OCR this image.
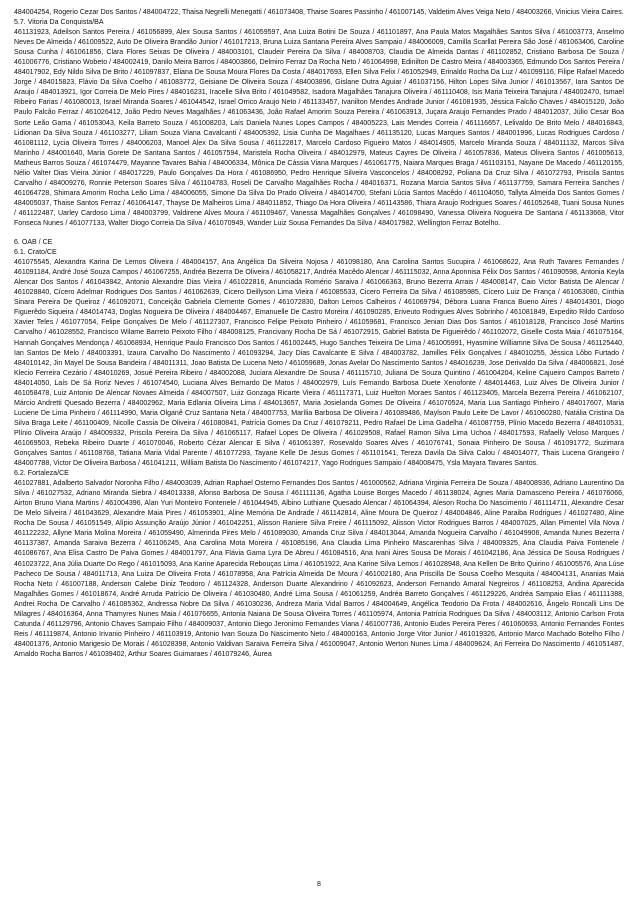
484004254, Rogerio Cezar Dos Santos / 484004722, Thaisa Negrelli Menegatti / 461073408, Thaise Soares Passinho / 461007145, Valdetim Alves Veiga Neto / 484003266, Vinicius Vieira Caires.

5.7. Vitoria Da Conquista/BA

461131923, Adeilson Santos Pereira / 461056899, Alex Sousa Santos / 461059597, Ana Luiza Botini De Souza / 461101897, Ana Paula Matos Magalhães Santos Silva / 461003773, Anselmo Neves De Almeida / 461009522, Auto De Oliveira Brandão Junior / 461017213, Bruna Luiza Santana Pereira Alves Sampaio / 484006009, Camilla Scarllat Pereira São José / 461063406, Caroline Sousa Cunha / 461061856, Clara Flores Seixas De Oliveira / 484003101, Claudeir Pereira Da Silva / 484008703, Claudia De Almeida Dantas / 461102852, Cristiano Barbosa De Souza / 461006776, Cristiano Wobeto / 484002419, Danilo Meira Barros / 484003866, Delmiro Ferraz Da Rocha Neto / 461064998, Edinilton De Castro Meira / 484003365, Edmundo Dos Santos Pereira / 484017902, Edy Nildo Silva De Brito / 461097837, Eliana De Sousa Moura Flores Da Costa / 484017693, Ellen Silva Felix / 461052949, Erinaldo Rocha Da Luz / 461099116, Filipe Rafael Macedo Jorge / 484015823, Flávio Da Silva Coelho / 461083772, Geisiane De Oliveira Souza / 484003896, Gislane Dutra Aguiar / 461037156, Hilton Lopes Silva Junior / 461013567, Iara Santos De Araujo / 484013921, Igor Correia De Melo Pires / 484016231, Iracelle Silva Brito / 461049582, Isadora Magalhães Tanajura Oliveira / 461110408, Isis Maria Teixeira Tanajura / 484002470, Ismael Ribeiro Farias / 461080013, Israel Miranda Soares / 461044542, Israel Orrico Araujo Neto / 461133457, Ivanilton Mendes Andrade Junior / 461081935, Jéssica Falcão Chaves / 484015120, João Paulo Falcão Ferraz / 461026412, João Pedro Neves Magalhães / 461063436, João Rafael Amorim Souza Pereira / 461063913, Juçara Araujo Fernandes Prado / 484012037, Júlio Cesar Boa Sorte Leão Gama / 461053043, Keila Barreto Souza / 461008203, Laís Daniela Nunes Lopes Campos / 484005223, Lais Mendes Correia / 461116657, Lelivaldo De Brito Melo / 484016843, Lidionan Da Silva Souza / 461103277, Liliam Souza Viana Cavalcanti / 484005392, Lisia Cunha De Magalhaes / 461135120, Lucas Marques Santos / 484001996, Lucas Rodrigues Cardoso / 461081112, Lycia Oliveira Torres / 484006203, Manoel Alex Da Silva Sousa / 461122817, Marcelo Cardoso Figueiro Matos / 484014905, Marcelo Miranda Souza / 484011132, Marcos Silva Marinho / 484001640, Maria Gorete De Santana Santos / 461057594, Maristela Rocha Oliveira / 484012979, Mateus Cayres De Oliveira / 461057836, Mateus Oliveira Santos / 461005613, Matheus Barros Souza / 461074479, Mayanne Tavares Bahia / 484006334, Mônica De Cássia Viana Marques / 461061775, Naiara Marques Braga / 461103151, Nayane De Macedo / 461120155, Nélio Valter Dias Vieira Júnior / 484017229, Paulo Gonçalves Da Hora / 461086950, Pedro Henrique Silveira Vasconcelos / 484008292, Poliana Da Cruz Silva / 461072793, Priscila Santos Carvalho / 484009276, Ronnie Peterson Soares Silva / 461104783, Roseli De Carvalho Magalhães Rocha / 484016371, Rozana Marcia Santos Silva / 461137759, Samara Ferreira Sanches / 461064728, Shimara Amorim Rocha Leão Lima / 484006055, Simone Da Silva Do Prado Oliveira / 484014700, Stefani Lúcia Santos Macêdo / 461104050, Tallyta Almeida Dos Santos Gomes / 484005037, Thaise Santos Ferraz / 461064147, Thayse De Malheiros Lima / 484011852, Thiago Da Hora Oliveira / 461143586, Thiara Araujo Rodrigues Soares / 461052648, Tuani Sousa Nunes / 461122487, Uarley Cardoso Lima / 484003799, Valdirene Alves Moura / 461109467, Vanessa Magalhães Gonçalves / 461098490, Vanessa Oliveira Nogueira De Santana / 461133668, Vitor Fonseca Nunes / 461077133, Walter Diogo Correia Da Silva / 461070949, Wander Luiz Sousa Fernandes Da Silva / 484017982, Wellington Ferraz Botelho.

6. OAB / CE

6.1. Crato/CE

461075545, Alexandra Karina De Lemos Oliveira / 484004157, Ana Angélica Da Silveira Nojosa / 461098180, Ana Carolina Santos Sucupira / 461068622, Ana Ruth Tavares Fernandes / 461091184, André José Souza Campos / 461067255, Andréa Bezerra De Oliveira / 461058217, Andréa Macêdo Alencar / 461115032, Anna Aponnisa Félix Dos Santos / 461090598, Antonia Keyla Alencar Dos Santos / 461043842, Antonio Alexandre Dias Vieira / 461022816, Anunciada Romério Saraiva / 461066363, Bruno Bezerra Arrais / 484008147, Caio Victor Batista De Alencar / 461028840, Cícero Adelmar Rodrigues Dos Santos / 461062639, Cicero Deillyson Lima Vieira / 461085533, Cicero Ferreira Da Silva / 461085985, Cícero Luiz De França / 461063080, Cinthia Sinara Pereira De Queiroz / 461092071, Conceição Gabriela Clemente Gomes / 461072830, Dalton Lemos Calheiros / 461069794, Débora Luana Franca Bueno Aires / 484014301, Diogo Figuerêdo Siqueira / 484014743, Doglas Nogueira De Oliveira / 484004467, Emanuelle De Castro Moreira / 461090285, Eriveuto Rodrigues Alves Sobrinho / 461081849, Expedito Rildo Cardoso Xavier Teles / 461077054, Felipe Gonçalves De Melo / 461127307, Francisco Felipe Peixoto Pinheiro / 461059681, Francisco Jenian Dias Dos Santos / 461018128, Francisco José Martins Carvalho / 461028552, Francisco Wilame Barreto Peixoto Filho / 484008125, Francivany Rocha De Sá / 461072915, Gabriel Batista De Figueirêdo / 461102072, Giselle Costa Maia / 461075164, Hannah Gonçalves Mendonça / 461068934, Henrique Paulo Francisco Dos Santos / 461002445, Hugo Sanches Teixeira De Lima / 461005991, Hyasmine Williamne Silva De Sousa / 461125440, Ian Santos De Melo / 484003391, Izaura Carvalho Do Nascimento / 461093294, Jacy Dias Cavalcante E Silva / 484003782, Jamilles Félix Gonçalves / 484010255, Jéssica Lôbo Furtado / 484010142, Jin Mayel De Sousa Bandeira / 484011311, Joao Batista De Lucena Neto / 461059689, Jonas Avelar Do Nascimento Santos / 484016239, Jose Derivaldo Da Silva / 484006821, José Klecio Ferreira Cezário / 484010269, Josué Pereira Ribeiro / 484002088, Juciara Alexandre De Sousa / 461115710, Juliana De Souza Quintino / 461004204, Keline Cajueiro Campos Barreto / 484014050, Laís De Sá Roriz Neves / 461074540, Luciana Alves Bernardo De Matos / 484002979, Luís Fernando Barbosa Duete Xenofonte / 484014463, Luiz Alves De Oliveira Junior / 461058478, Luiz Antonio De Alencar Novaes Almeida / 484007507, Luiz Gonzaga Ricarte Vieira / 461117371, Luiz Huelton Moraes Santos / 461123405, Marcela Bezerra Pereira / 461062107, Márcio Andretti Quesado Bezerra / 484002962, Maria Edlania Oliveira Lima / 484013657, Maria Josielanda Gomes De Oliveira / 461070524, Maria Lua Santiago Pinheiro / 484017607, Maria Luciene De Lima Pinheiro / 461114990, Maria Olganê Cruz Santana Neta / 484007753, Marília Barbosa De Oliveira / 461089486, Maylson Paulo Leite De Lavor / 461060280, Natália Cristina Da Silva Braga Leite / 461100409, Nicolle Cassia De Oliveira / 461080841, Patrícia Gomes Da Cruz / 461079211, Pedro Rafael De Lima Gadelha / 461087759, Plínio Macedo Bezerra / 484010531, Plínio Oliveira Araújo / 484009332, Priscila Pereira Da Silva / 461065117, Rafael Lopes De Oliveira / 461029508, Rafael Ramon Silva Lima Uchoa / 484017593, Rafaelly Veloso Marques / 461069503, Rebeka Ribeiro Duarte / 461070046, Roberto Cézar Alencar E Silva / 461061397, Rosevaldo Soares Alves / 461076741, Sonaia Pinheiro De Sousa / 461091772, Suzimara Gonçalves Santos / 461108768, Tatiana Maria Vidal Parente / 461077293, Tayane Kelle De Jesus Gomes / 461101541, Tereza Davila Da Silva Calou / 484014077, Thais Lucena Grangeiro / 484007788, Victor De Oliveira Barbosa / 461041211, William Batista Do Nascimento / 461074217, Yago Rodrigues Sampaio / 484008475, Ysla Mayara Tavares Santos.

6.2. Fortaleza/CE

461027881, Adalberto Salvador Noronha Filho / 484003039, Adrian Raphael Osterno Fernandes Dos Santos / 461000562, Adriana Virginia Ferreira De Souza / 484008936, Adriano Laurentino Da Silva / 461027532, Adriano Miranda Siebra / 484013338, Afonso Barbosa De Sousa / 461111136, Agatha Louise Borges Macedo / 461138024, Agnes Maria Damasceno Pereira / 461076066, Airton Bruno Viana Martins / 461004396, Alan Yuri Monteiro Fontenele / 461044945, Albino Luthiane Quesado Alencar / 461064394, Aleson Rocha Do Nascimento / 461114711, Alexandre Cesar De Melo Silveira / 461043629, Alexandre Maia Pires / 461053901, Aline Memória De Andrade / 461142814, Aline Moura De Queiroz / 484004846, Aline Paraiba Rodrigues / 461027480, Aline Rocha De Sousa / 461051549, Alípio Assunção Araújo Júnior / 461042251, Alisson Raniere Silva Freire / 461115092, Alisson Victor Rodrigues Barros / 484007025, Allan Pimentel Vila Nova / 461122232, Allyne Maria Molina Moreira / 461059490, Almerinda Pires Melo / 461089030, Amanda Cruz Silva / 484013044, Amanda Nogueira Carvalho / 461049906, Amanda Nunes Bezerra / 461137387, Amanda Saraiva Bezerra / 461106245, Ana Carolina Mota Moreira / 461085196, Ana Claudia Lima Pinheiro Mascarenhas Silva / 484009325, Ana Claudia Paiva Fontenele / 461086767, Ana Elisa Castro De Paiva Gomes / 484001797, Ana Flávia Gama Lyra De Abreu / 461084516, Ana Ivani Aires Sousa De Morais / 461042186, Ana Jéssica De Sousa Rodrigues / 461023722, Ana Júlia Duarte Do Rego / 461015093, Ana Karine Aparecida Rebouças Lima / 461051922, Ana Karine Silva Lemos / 461028948, Ana Kellen De Brito Quirino / 461005576, Ana Lúse Pacheco De Sousa / 484011713, Ana Luiza De Oliveira Frota / 461078958, Ana Patrícia Almeida De Moura / 461002180, Ana Priscilla De Sousa Coelho Mesquita / 484004131, Ananias Maia Rocha Neto / 461007188, Anderson Calebe Diniz Teodoro / 461124328, Anderson Duarte Alexandrino / 461092623, Anderson Fernando Amaral Negreiros / 461108253, Andina Aparecida Magalhães Gomes / 461018674, André Arruda Patrício De Oliveira / 461030480, André Lima Sousa / 461061259, Andréa Barreto Gonçalves / 461129226, Andréa Sampaio Elias / 461111388, Andrei Rocha De Carvalho / 461085362, Andressa Nobre Da Silva / 461030236, Andreza Maria Vidal Barros / 484004649, Angélica Teodorio Da Frota / 484002616, Ângelo Roncalli Lins De Milagres / 484016364, Anna Thamyres Nunes Maia / 461076655, Antonia Naiana De Sousa Oliveira Torres / 461105974, Antonia Patrícia Rodrigues Da Silva / 484003112, Antonio Carlson Frota Catunda / 461129796, Antonio Chaves Sampaio Filho / 484009037, Antonio Diego Jeronimo Fernandes Viana / 461007736, Antonio Eudes Pereira Peres / 461060693, Antonio Fernandes Fontes Reis / 461119874, Antonio Irivanio Pinheiro / 461103919, Antonio Ivan Souza Do Nascimento Neto / 484000163, Antonio Jorge Vitor Junior / 461019326, Antonio Marco Machado Botelho Filho / 484001376, Antonio Marigesio De Morais / 461028398, Antonio Valdivan Saraiva Ferreira Silva / 461009047, Antonio Werton Nunes Lima / 484009624, Ari Ferreira Do Nascimento / 461051487, Arnaldo Rocha Barros / 461039402, Arthur Soares Guimaraes / 461079246, Áurea

8
